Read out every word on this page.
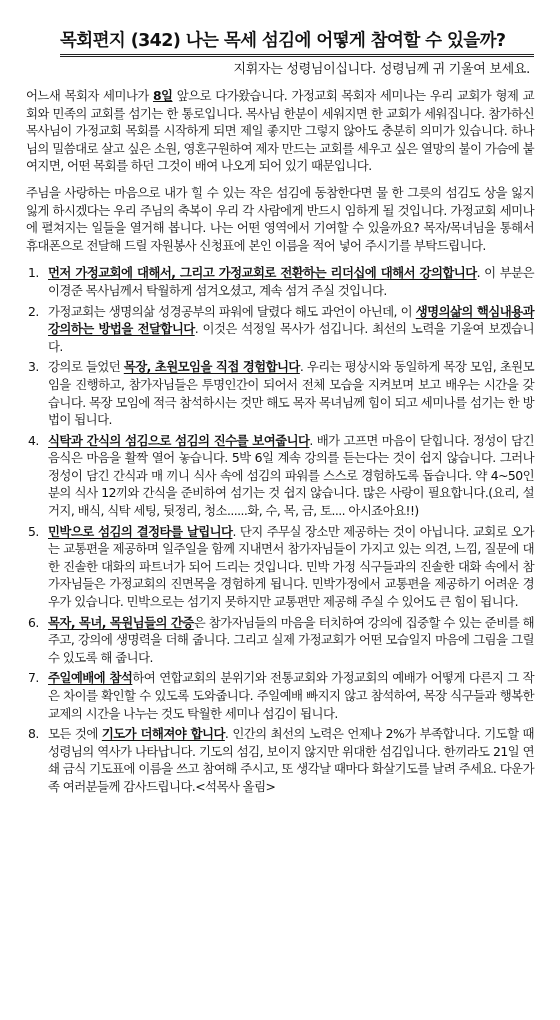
목회편지 (342) 나는 목세 섬김에 어떻게 참여할 수 있을까?
지휘자는 성령님이십니다. 성령님께 귀 기울여 보세요.

어느새 목회자 세미나가 8일 앞으로 다가왔습니다. 가정교회 목회자 세미나는 우리 교회가 형제 교회와 민족의 교회를 섬기는 한 통로입니다. 목사님 한분이 세워지면 한 교회가 세워집니다. 참가하신 목사님이 가정교회 목회를 시작하게 되면 제일 좋지만 그렇지 않아도 충분히 의미가 있습니다. 하나님의 밀씀대로 살고 싶은 소원, 영혼구원하여 제자 만드는 교회를 세우고 싶은 열망의 불이 가슴에 붙여지면, 어떤 목회를 하던 그것이 배여 나오게 되어 있기 때문입니다.

주님을 사랑하는 마음으로 내가 힐 수 있는 작은 섬김에 동참한다면 물 한 그릇의 섬김도 상을 잃지 잃게 하시겠다는 우리 주님의 축복이 우리 각 사람에게 반드시 임하게 될 것입니다. 가정교회 세미나에 펼쳐지는 일들을 열거해 봅니다. 나는 어떤 영역에서 기여할 수 있을까요? 목자/목녀님을 통해서 휴대폰으로 전달해 드릴 자원봉사 신청표에 본인 이름을 적어 넣어 주시기를 부탁드립니다.

1. 먼저 가정교회에 대해서, 그리고 가정교회로 전환하는 리더십에 대해서 강의합니다. 이 부분은 이경준 목사님께서 탁월하게 섬겨오셨고, 계속 섬겨 주실 것입니다.
2. 가정교회는 생명의삶 성경공부의 파워에 달렸다 해도 과언이 아닌데, 이 생명의삶의 핵심내용과 강의하는 방법을 전달합니다. 이것은 석정일 목사가 섬깁니다. 최선의 노력을 기울여 보겠습니다.
3. 강의로 들었던 목장, 초원모임을 직접 경험합니다. 우리는 평상시와 동일하게 목장 모임, 초원모임을 진행하고, 참가자님들은 투명인간이 되어서 전체 모습을 지켜보며 보고 배우는 시간을 갖습니다. 목장 모임에 적극 참석하시는 것만 해도 목자 목녀님께 힘이 되고 세미나를 섬기는 한 방법이 됩니다.
4. 식탁과 간식의 섬김으로 섬김의 진수를 보여줍니다. 배가 고프면 마음이 닫힙니다. 정성이 담긴 음식은 마음을 활짝 열어 놓습니다. 5박 6일 계속 강의를 듣는다는 것이 쉽지 않습니다. 그러나 정성이 담긴 간식과 매 끼니 식사 속에 섬김의 파워를 스스로 경험하도록 돕습니다. 약 4~50인분의 식사 12끼와 간식을 준비하여 섬기는 것 쉽지 않습니다. 많은 사랑이 필요합니다.(요리, 설거지, 배식, 식탁 세팅, 뒷정리, 청소......화, 수, 목, 금, 토.... 아시죠아요!!)
5. 민박으로 섬김의 결정타를 날립니다. 단지 주무실 장소만 제공하는 것이 아닙니다. 교회로 오가는 교통편을 제공하며 일주일을 함께 지내면서 참가자님들이 가지고 있는 의견, 느낌, 질문에 대한 진솔한 대화의 파트너가 되어 드리는 것입니다. 민박 가정 식구들과의 진솔한 대화 속에서 참가자님들은 가정교회의 진면목을 경험하게 됩니다. 민박가정에서 교통편을 제공하기 어려운 경우가 있습니다. 민박으로는 섬기지 못하지만 교통편만 제공해 주실 수 있어도 큰 힘이 됩니다.
6. 목자, 목녀, 목원님들의 간증은 참가자님들의 마음을 터치하여 강의에 집중할 수 있는 준비를 해 주고, 강의에 생명력을 더해 줍니다. 그리고 실제 가정교회가 어떤 모습일지 마음에 그림을 그릴 수 있도록 해 줍니다.
7. 주일예배에 참석하여 연합교회의 분위기와 전통교회와 가정교회의 예배가 어떻게 다른지 그 작은 차이를 확인할 수 있도록 도와줍니다. 주일예배 빠지지 않고 참석하여, 목장 식구들과 행복한 교제의 시간을 나누는 것도 탁월한 세미나 섬김이 됩니다.
8. 모든 것에 기도가 더해져야 합니다. 인간의 최선의 노력은 언제나 2%가 부족합니다. 기도할 때 성령님의 역사가 나타납니다. 기도의 섬김, 보이지 않지만 위대한 섬김입니다. 한끼라도 21일 연쇄 금식 기도표에 이름을 쓰고 참여해 주시고, 또 생각날 때마다 화살기도를 날려 주세요. 다운가족 여러분들께 감사드립니다.<석목사 올림>
